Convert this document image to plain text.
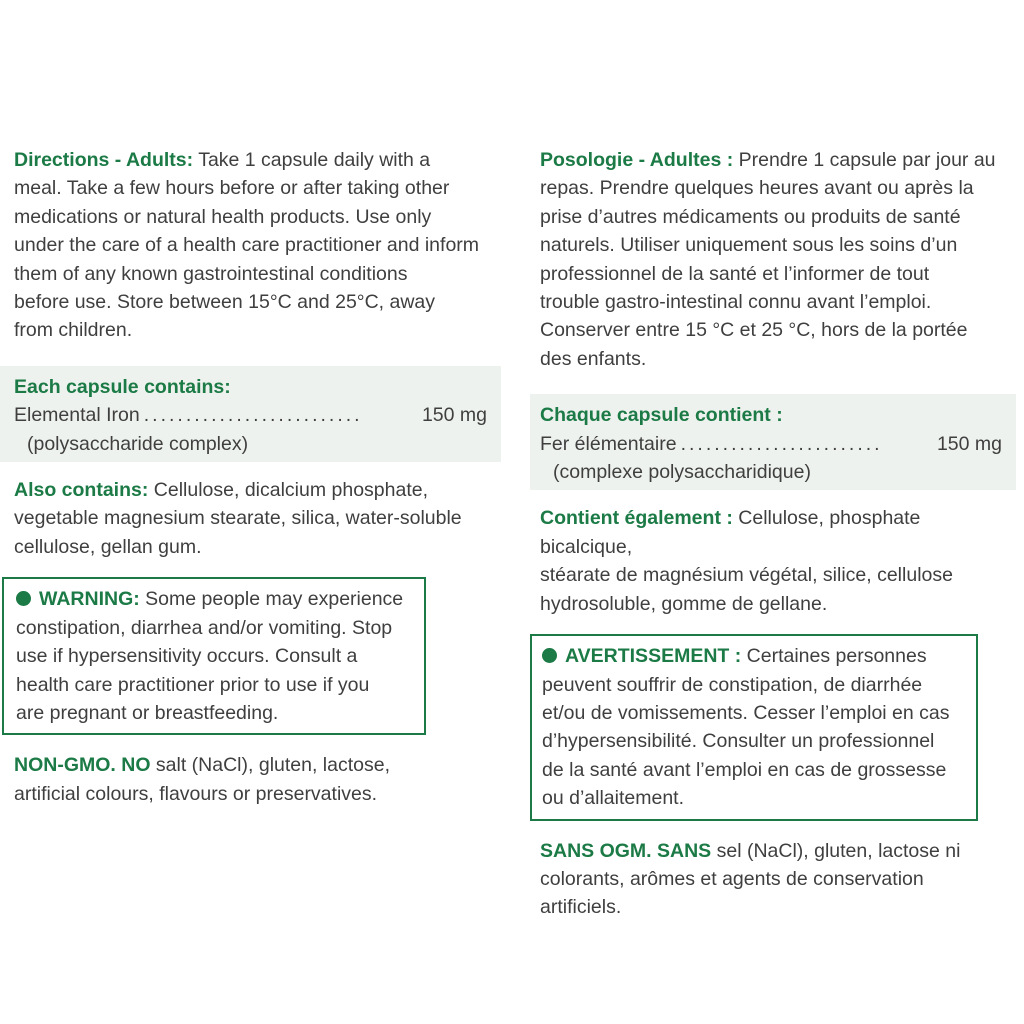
Directions - Adults: Take 1 capsule daily with a

meal. Take a few hours before or after taking other

medications or natural health products. Use only

under the care of a health care practitioner and inform

them of any known gastrointestinal conditions

before use. Store between 15°C and 25°C, away

from children.

Each capsule contains:

Elemental Iron ..........................	150 mg

(polysaccharide complex)

Also contains: Cellulose, dicalcium phosphate,

vegetable magnesium stearate, silica, water-soluble

cellulose, gellan gum.

WARNING: Some people may experience

constipation, diarrhea and/or vomiting. Stop

use if hypersensitivity occurs. Consult a

health care practitioner prior to use if you

are pregnant or breastfeeding.

NON-GMO. NO salt (NaCl), gluten, lactose,

artificial colours, flavours or preservatives.

Posologie - Adultes : Prendre 1 capsule par jour au

repas. Prendre quelques heures avant ou après la

prise d’autres médicaments ou produits de santé

naturels. Utiliser uniquement sous les soins d’un

professionnel de la santé et l’informer de tout

trouble gastro-intestinal connu avant l’emploi.

Conserver entre 15 °C et 25 °C, hors de la portée

des enfants.

Chaque capsule contient :

Fer élémentaire ........................	150 mg

(complexe polysaccharidique)

Contient également : Cellulose, phosphate bicalcique,

stéarate de magnésium végétal, silice, cellulose

hydrosoluble, gomme de gellane.

AVERTISSEMENT : Certaines personnes

peuvent souffrir de constipation, de diarrhée

et/ou de vomissements. Cesser l’emploi en cas

d’hypersensibilité. Consulter un professionnel

de la santé avant l’emploi en cas de grossesse

ou d’allaitement.

SANS OGM. SANS sel (NaCl), gluten, lactose ni

colorants, arômes et agents de conservation

artificiels.
